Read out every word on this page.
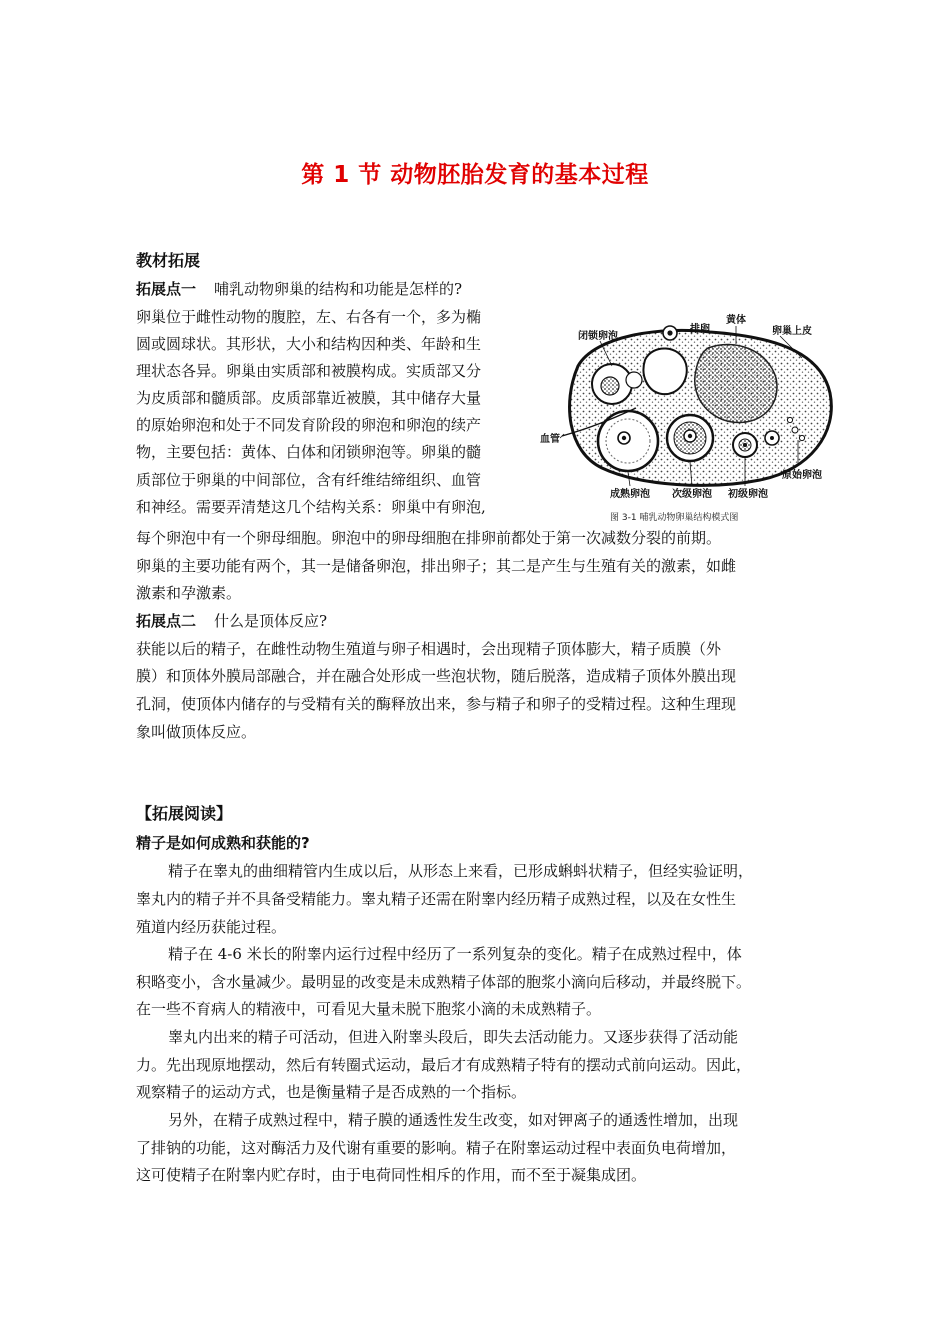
第 1 节 动物胚胎发育的基本过程
教材拓展
拓展点一 哺乳动物卵巢的结构和功能是怎样的?
卵巢位于雌性动物的腹腔，左、右各有一个，多为椭
圆或圆球状。其形状，大小和结构因种类、年龄和生
理状态各异。卵巢由实质部和被膜构成。实质部又分
为皮质部和髓质部。皮质部靠近被膜，其中储存大量
的原始卵泡和处于不同发育阶段的卵泡和卵泡的续产
物，主要包括：黄体、白体和闭锁卵泡等。卵巢的髓
质部位于卵巢的中间部位，含有纤维结缔组织、血管
和神经。需要弄清楚这几个结构关系：卵巢中有卵泡,
每个卵泡中有一个卵母细胞。卵泡中的卵母细胞在排卵前都处于第一次减数分裂的前期。
卵巢的主要功能有两个，其一是储备卵泡，排出卵子；其二是产生与生殖有关的激素，如雌
激素和孕激素。
拓展点二 什么是顶体反应?
获能以后的精子，在雌性动物生殖道与卵子相遇时，会出现精子顶体膨大，精子质膜（外
膜）和顶体外膜局部融合，并在融合处形成一些泡状物，随后脱落，造成精子顶体外膜出现
孔洞，使顶体内储存的与受精有关的酶释放出来，参与精子和卵子的受精过程。这种生理现
象叫做顶体反应。
闭锁卵泡
排卵
黄体
卵巢上皮
血管
原始卵泡
成熟卵泡 次级卵泡 初级卵泡
图 3-1 哺乳动物卵巢结构模式图
【拓展阅读】
精子是如何成熟和获能的?
精子在睾丸的曲细精管内生成以后，从形态上来看，已形成蝌蚪状精子，但经实验证明，
睾丸内的精子并不具备受精能力。睾丸精子还需在附睾内经历精子成熟过程，以及在女性生
殖道内经历获能过程。
精子在 4-6 米长的附睾内运行过程中经历了一系列复杂的变化。精子在成熟过程中，体
积略变小，含水量减少。最明显的改变是未成熟精子体部的胞浆小滴向后移动，并最终脱下。
在一些不育病人的精液中，可看见大量未脱下胞浆小滴的未成熟精子。
睾丸内出来的精子可活动，但进入附睾头段后，即失去活动能力。又逐步获得了活动能
力。先出现原地摆动，然后有转圈式运动，最后才有成熟精子特有的摆动式前向运动。因此，
观察精子的运动方式，也是衡量精子是否成熟的一个指标。
另外，在精子成熟过程中，精子膜的通透性发生改变，如对钾离子的通透性增加，出现
了排钠的功能，这对酶活力及代谢有重要的影响。精子在附睾运动过程中表面负电荷增加，
这可使精子在附睾内贮存时，由于电荷同性相斥的作用，而不至于凝集成团。
